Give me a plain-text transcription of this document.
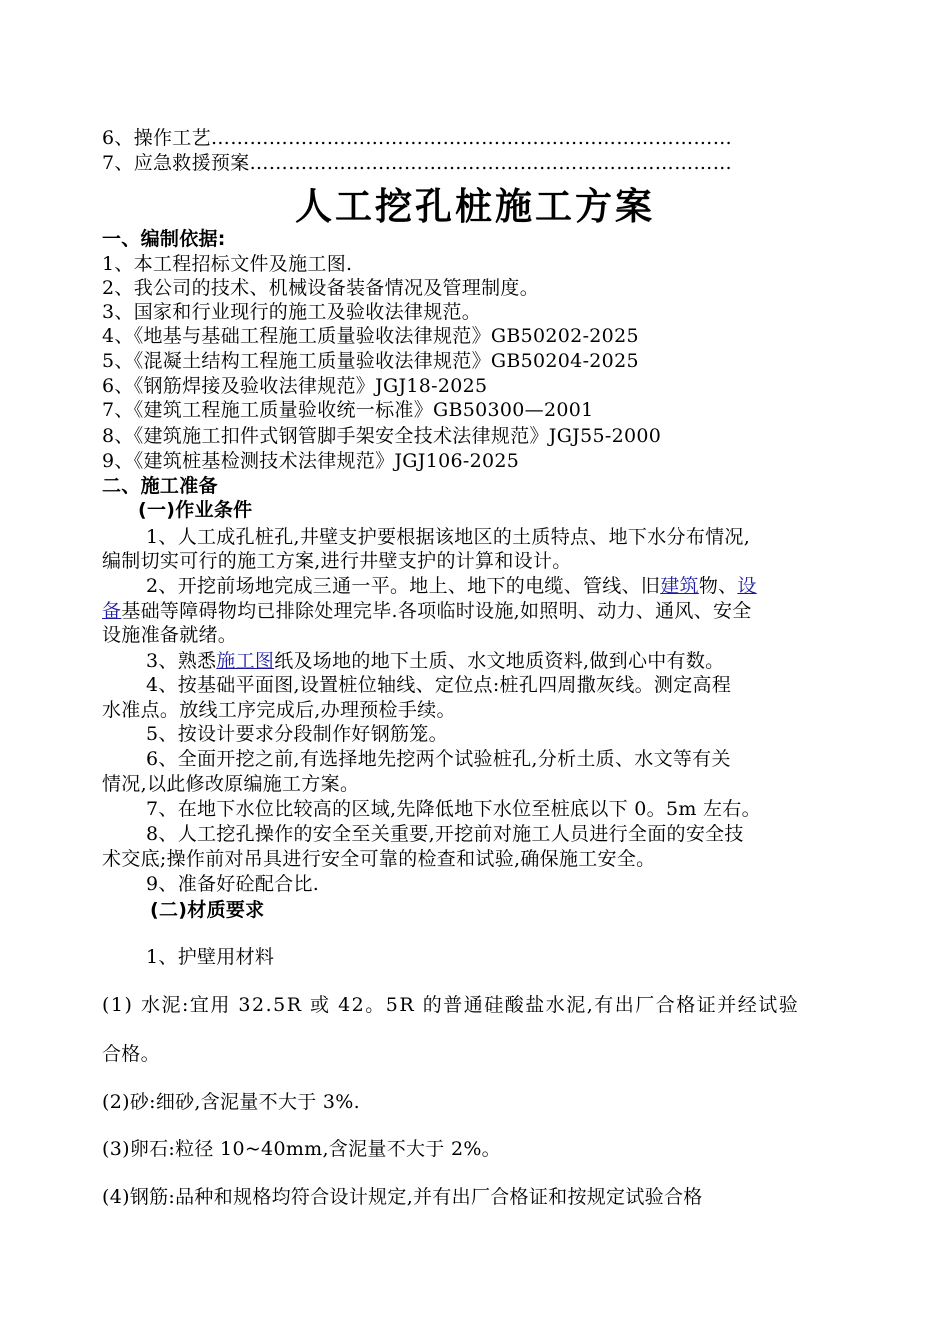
6、操作工艺………………………………………………………………………
7、应急救援预案…………………………………………………………………
人工挖孔桩施工方案
一、编制依据:
1、本工程招标文件及施工图.
2、我公司的技术、机械设备装备情况及管理制度。
3、国家和行业现行的施工及验收法律规范。
4、《地基与基础工程施工质量验收法律规范》GB50202-2025
5、《混凝土结构工程施工质量验收法律规范》GB50204-2025
6、《钢筋焊接及验收法律规范》JGJ18-2025
7、《建筑工程施工质量验收统一标准》GB50300—2001
8、《建筑施工扣件式钢管脚手架安全技术法律规范》JGJ55-2000
9、《建筑桩基检测技术法律规范》JGJ106-2025
二、施工准备
(一)作业条件
1、人工成孔桩孔,井壁支护要根据该地区的土质特点、地下水分布情况,
编制切实可行的施工方案,进行井壁支护的计算和设计。
2、开挖前场地完成三通一平。地上、地下的电缆、管线、旧建筑物、设
备基础等障碍物均已排除处理完毕.各项临时设施,如照明、动力、通风、安全
设施准备就绪。
3、熟悉施工图纸及场地的地下土质、水文地质资料,做到心中有数。
4、按基础平面图,设置桩位轴线、定位点:桩孔四周撒灰线。测定高程
水准点。放线工序完成后,办理预检手续。
5、按设计要求分段制作好钢筋笼。
6、全面开挖之前,有选择地先挖两个试验桩孔,分析土质、水文等有关
情况,以此修改原编施工方案。
7、在地下水位比较高的区域,先降低地下水位至桩底以下 0。5m 左右。
8、人工挖孔操作的安全至关重要,开挖前对施工人员进行全面的安全技
术交底;操作前对吊具进行安全可靠的检查和试验,确保施工安全。
9、准备好砼配合比.
(二)材质要求
1、护壁用材料
(1) 水泥:宜用 32.5R 或 42。5R 的普通硅酸盐水泥,有出厂合格证并经试验
合格。
(2)砂:细砂,含泥量不大于 3%.
(3)卵石:粒径 10~40mm,含泥量不大于 2%。
(4)钢筋:品种和规格均符合设计规定,并有出厂合格证和按规定试验合格
